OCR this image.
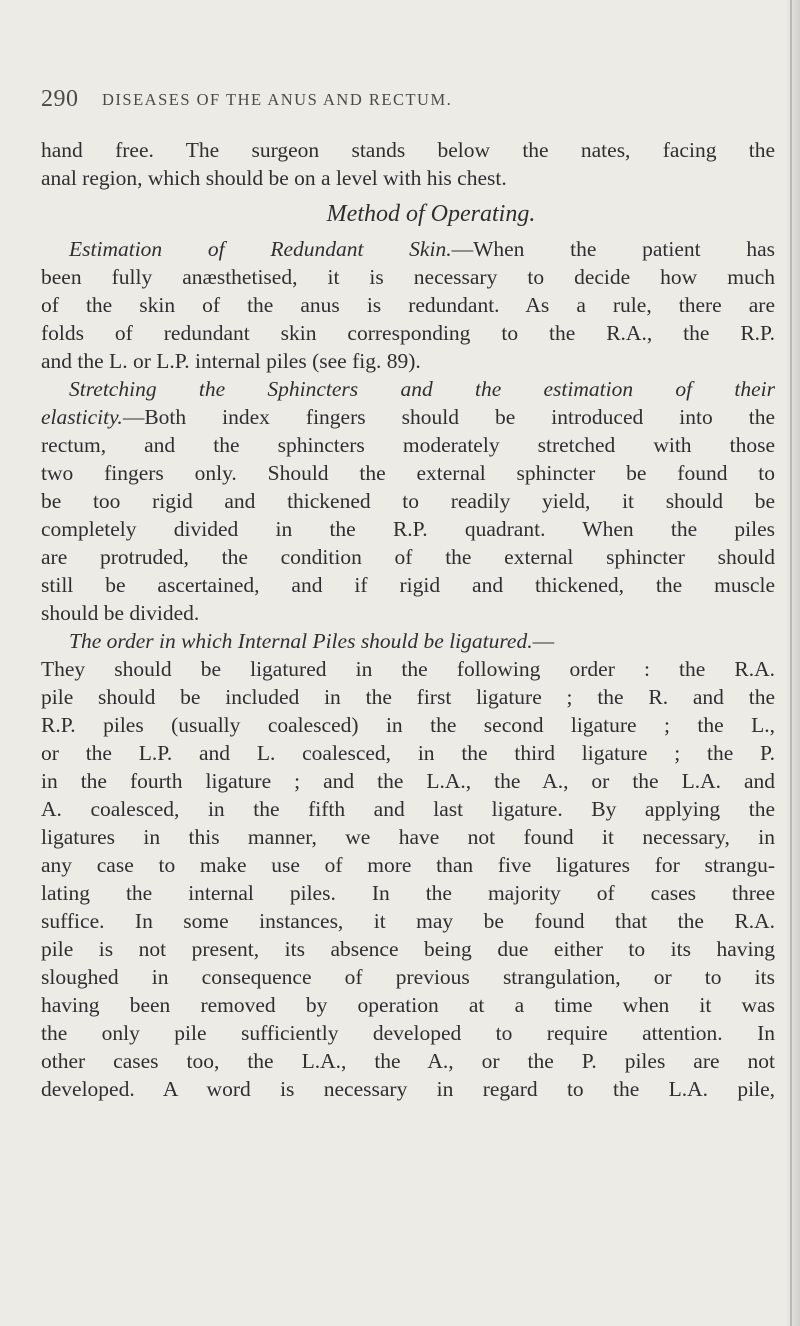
290 DISEASES OF THE ANUS AND RECTUM.
hand free. The surgeon stands below the nates, facing the
anal region, which should be on a level with his chest.
Method of Operating.
Estimation of Redundant Skin.—When the patient has
been fully anæsthetised, it is necessary to decide how much
of the skin of the anus is redundant. As a rule, there are
folds of redundant skin corresponding to the R.A., the R.P.
and the L. or L.P. internal piles (see fig. 89).
Stretching the Sphincters and the estimation of their
elasticity.—Both index fingers should be introduced into the
rectum, and the sphincters moderately stretched with those
two fingers only. Should the external sphincter be found to
be too rigid and thickened to readily yield, it should be
completely divided in the R.P. quadrant. When the piles
are protruded, the condition of the external sphincter should
still be ascertained, and if rigid and thickened, the muscle
should be divided.
The order in which Internal Piles should be ligatured.—
They should be ligatured in the following order : the R.A.
pile should be included in the first ligature ; the R. and the
R.P. piles (usually coalesced) in the second ligature ; the L.,
or the L.P. and L. coalesced, in the third ligature ; the P.
in the fourth ligature ; and the L.A., the A., or the L.A. and
A. coalesced, in the fifth and last ligature. By applying the
ligatures in this manner, we have not found it necessary, in
any case to make use of more than five ligatures for strangu-
lating the internal piles. In the majority of cases three
suffice. In some instances, it may be found that the R.A.
pile is not present, its absence being due either to its having
sloughed in consequence of previous strangulation, or to its
having been removed by operation at a time when it was
the only pile sufficiently developed to require attention. In
other cases too, the L.A., the A., or the P. piles are not
developed. A word is necessary in regard to the L.A. pile,
